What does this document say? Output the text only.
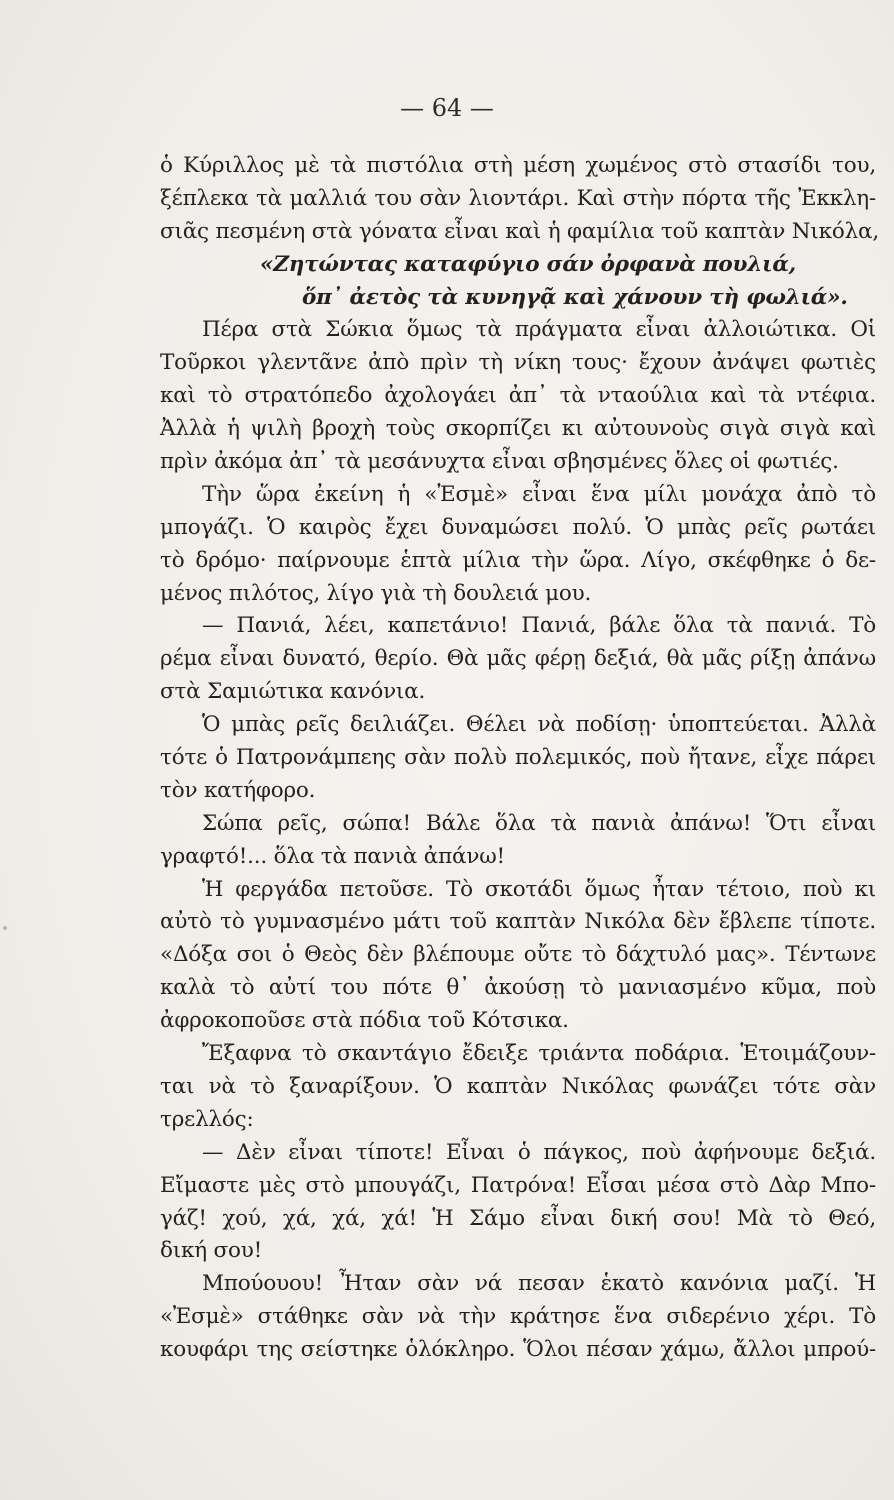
— 64 —
ὁ Κύριλλος μὲ τὰ πιστόλια στὴ μέση χωμένος στὸ στασίδι του,
ξέπλεκα τὰ μαλλιά του σὰν λιοντάρι. Καὶ στὴν πόρτα τῆς Ἐκκλη-
σιᾶς πεσμένη στὰ γόνατα εἶναι καὶ ἡ φαμίλια τοῦ καπτὰν Νικόλα,
«Ζητώντας καταφύγιο σάν ὀρφανὰ πουλιά,
ὅπ᾿ ἀετὸς τὰ κυνηγᾷ καὶ χάνουν τὴ φωλιά».
Πέρα στὰ Σώκια ὅμως τὰ πράγματα εἶναι ἀλλοιώτικα. Οἱ
Τοῦρκοι γλεντᾶνε ἀπὸ πρὶν τὴ νίκη τους· ἔχουν ἀνάψει φωτιὲς
καὶ τὸ στρατόπεδο ἀχολογάει ἀπ᾿ τὰ νταούλια καὶ τὰ ντέφια.
Ἀλλὰ ἡ ψιλὴ βροχὴ τοὺς σκορπίζει κι αὐτουνοὺς σιγὰ σιγὰ καὶ
πρὶν ἀκόμα ἀπ᾿ τὰ μεσάνυχτα εἶναι σβησμένες ὅλες οἱ φωτιές.
Τὴν ὥρα ἐκείνη ἡ «Ἐσμὲ» εἶναι ἕνα μίλι μονάχα ἀπὸ τὸ
μπογάζι. Ὁ καιρὸς ἔχει δυναμώσει πολύ. Ὁ μπὰς ρεῖς ρωτάει
τὸ δρόμο· παίρνουμε ἑπτὰ μίλια τὴν ὥρα. Λίγο, σκέφθηκε ὁ δε-
μένος πιλότος, λίγο γιὰ τὴ δουλειά μου.
— Πανιά, λέει, καπετάνιο! Πανιά, βάλε ὅλα τὰ πανιά. Τὸ
ρέμα εἶναι δυνατό, θερίο. Θὰ μᾶς φέρῃ δεξιά, θὰ μᾶς ρίξῃ ἀπάνω
στὰ Σαμιώτικα κανόνια.
Ὁ μπὰς ρεῖς δειλιάζει. Θέλει νὰ ποδίσῃ· ὑποπτεύεται. Ἀλλὰ
τότε ὁ Πατρονάμπεης σὰν πολὺ πολεμικός, ποὺ ἤτανε, εἶχε πάρει
τὸν κατήφορο.
Σώπα ρεῖς, σώπα! Βάλε ὅλα τὰ πανιὰ ἀπάνω! Ὅτι εἶναι
γραφτό!... ὅλα τὰ πανιὰ ἀπάνω!
Ἡ φεργάδα πετοῦσε. Τὸ σκοτάδι ὅμως ἦταν τέτοιο, ποὺ κι
αὐτὸ τὸ γυμνασμένο μάτι τοῦ καπτὰν Νικόλα δὲν ἔβλεπε τίποτε.
«Δόξα σοι ὁ Θεὸς δὲν βλέπουμε οὔτε τὸ δάχτυλό μας». Τέντωνε
καλὰ τὸ αὐτί του πότε θ᾿ ἀκούσῃ τὸ μανιασμένο κῦμα, ποὺ
ἀφροκοποῦσε στὰ πόδια τοῦ Κότσικα.
Ἔξαφνα τὸ σκαντάγιο ἔδειξε τριάντα ποδάρια. Ἑτοιμάζουν-
ται νὰ τὸ ξαναρίξουν. Ὁ καπτὰν Νικόλας φωνάζει τότε σὰν
τρελλός:
— Δὲν εἶναι τίποτε! Εἶναι ὁ πάγκος, ποὺ ἀφήνουμε δεξιά.
Εἴμαστε μὲς στὸ μπουγάζι, Πατρόνα! Εἶσαι μέσα στὸ Δὰρ Μπο-
γάζ! χού, χά, χά, χά! Ἡ Σάμο εἶναι δική σου! Μὰ τὸ Θεό,
δική σου!
Μπούουου! Ἦταν σὰν νά πεσαν ἑκατὸ κανόνια μαζί. Ἡ
«Ἐσμὲ» στάθηκε σὰν νὰ τὴν κράτησε ἕνα σιδερένιο χέρι. Τὸ
κουφάρι της σείστηκε ὁλόκληρο. Ὅλοι πέσαν χάμω, ἄλλοι μπρού-
